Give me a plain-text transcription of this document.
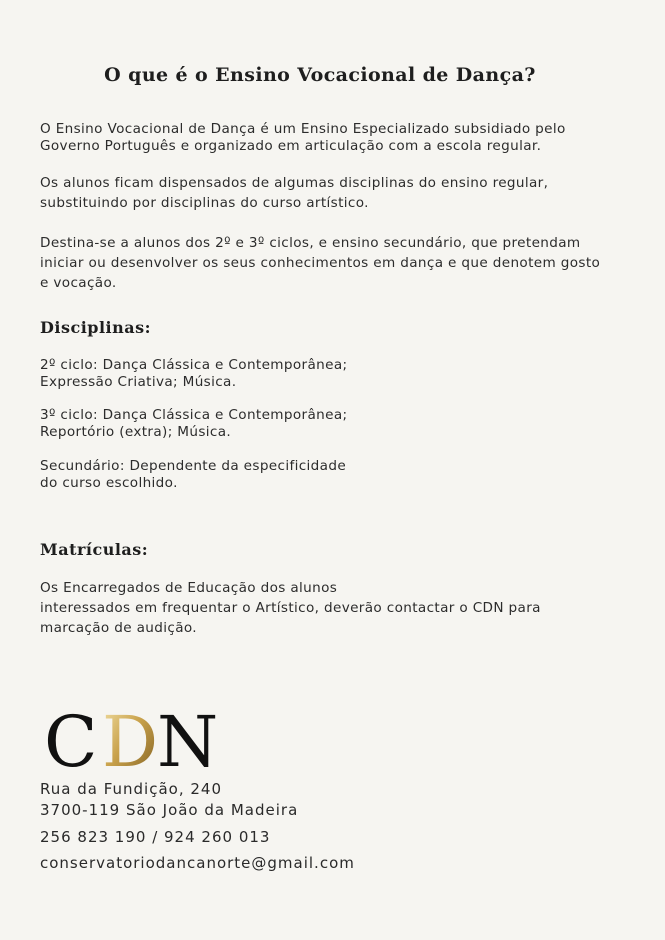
O que é o Ensino Vocacional de Dança?

O Ensino Vocacional de Dança é um Ensino Especializado subsidiado pelo
Governo Português e organizado em articulação com a escola regular.

Os alunos ficam dispensados de algumas disciplinas do ensino regular,
substituindo por disciplinas do curso artístico.

Destina-se a alunos dos 2º e 3º ciclos, e ensino secundário, que pretendam
iniciar ou desenvolver os seus conhecimentos em dança e que denotem gosto
e vocação.

Disciplinas:

2º ciclo: Dança Clássica e Contemporânea;
Expressão Criativa; Música.

3º ciclo: Dança Clássica e Contemporânea;
Reportório (extra); Música.

Secundário: Dependente da especificidade
do curso escolhido.

Matrículas:

Os Encarregados de Educação dos alunos
interessados em frequentar o Artístico, deverão contactar o CDN para
marcação de audição.

C D
N

Rua da Fundição, 240
3700-119 São João da Madeira

256 823 190 / 924 260 013

conservatoriodancanorte@gmail.com
